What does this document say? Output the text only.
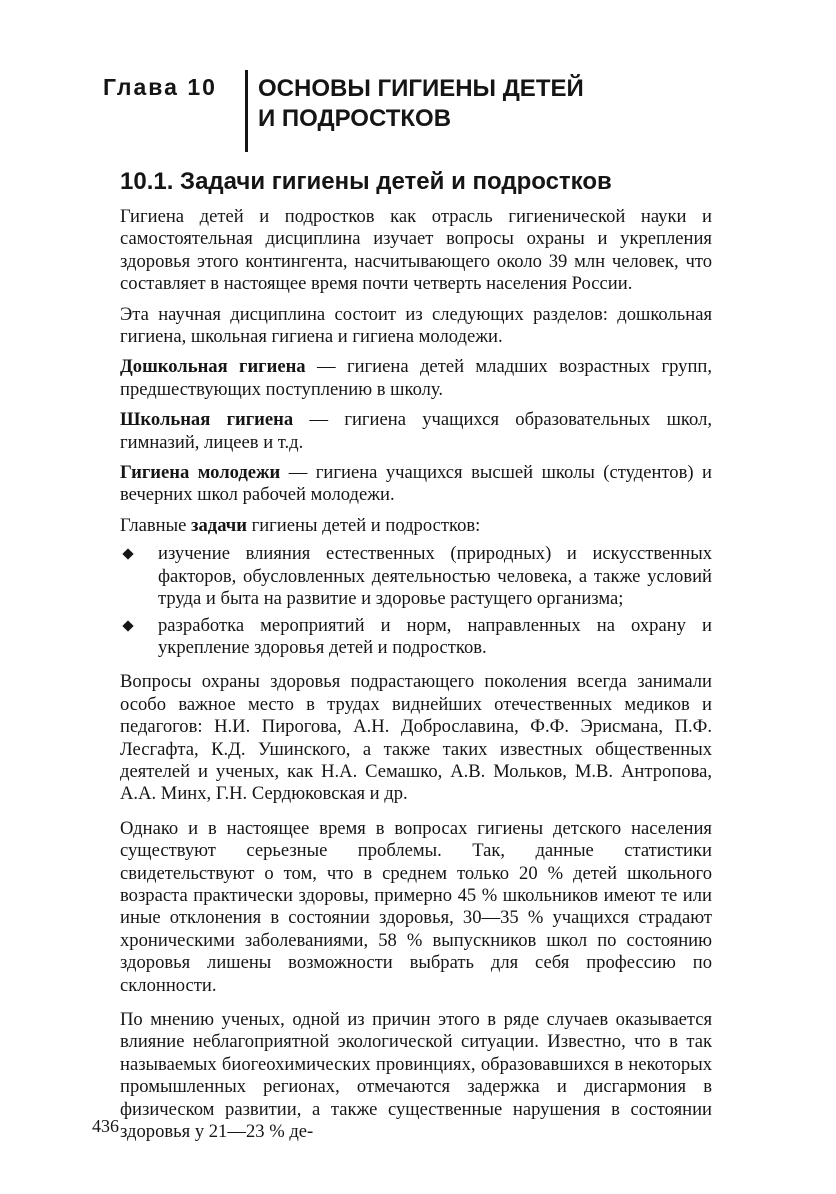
Глава 10 ОСНОВЫ ГИГИЕНЫ ДЕТЕЙ
И ПОДРОСТКОВ
10.1. Задачи гигиены детей и подростков

Гигиена детей и подростков как отрасль гигиенической науки и самостоятельная дисциплина изучает вопросы охраны и укрепления здоровья этого контингента, насчитывающего около 39 млн человек, что составляет в настоящее время почти четверть населения России.

Эта научная дисциплина состоит из следующих разделов: дошкольная гигиена, школьная гигиена и гигиена молодежи.

Дошкольная гигиена — гигиена детей младших возрастных групп, предшествующих поступлению в школу.

Школьная гигиена — гигиена учащихся образовательных школ, гимназий, лицеев и т.д.

Гигиена молодежи — гигиена учащихся высшей школы (студентов) и вечерних школ рабочей молодежи.

Главные задачи гигиены детей и подростков:

изучение влияния естественных (природных) и искусственных факторов, обусловленных деятельностью человека, а также условий труда и быта на развитие и здоровье растущего организма;
разработка мероприятий и норм, направленных на охрану и укрепление здоровья детей и подростков.

Вопросы охраны здоровья подрастающего поколения всегда занимали особо важное место в трудах виднейших отечественных медиков и педагогов: Н.И. Пирогова, А.Н. Доброславина, Ф.Ф. Эрисмана, П.Ф. Лесгафта, К.Д. Ушинского, а также таких известных общественных деятелей и ученых, как Н.А. Семашко, А.В. Мольков, М.В. Антропова, А.А. Минх, Г.Н. Сердюковская и др.

Однако и в настоящее время в вопросах гигиены детского населения существуют серьезные проблемы. Так, данные статистики свидетельствуют о том, что в среднем только 20 % детей школьного возраста практически здоровы, примерно 45 % школьников имеют те или иные отклонения в состоянии здоровья, 30—35 % учащихся страдают хроническими заболеваниями, 58 % выпускников школ по состоянию здоровья лишены возможности выбрать для себя профессию по склонности.

По мнению ученых, одной из причин этого в ряде случаев оказывается влияние неблагоприятной экологической ситуации. Известно, что в так называемых биогеохимических провинциях, образовавшихся в некоторых промышленных регионах, отмечаются задержка и дисгармония в физическом развитии, а также существенные нарушения в состоянии здоровья у 21—23 % де-

436
